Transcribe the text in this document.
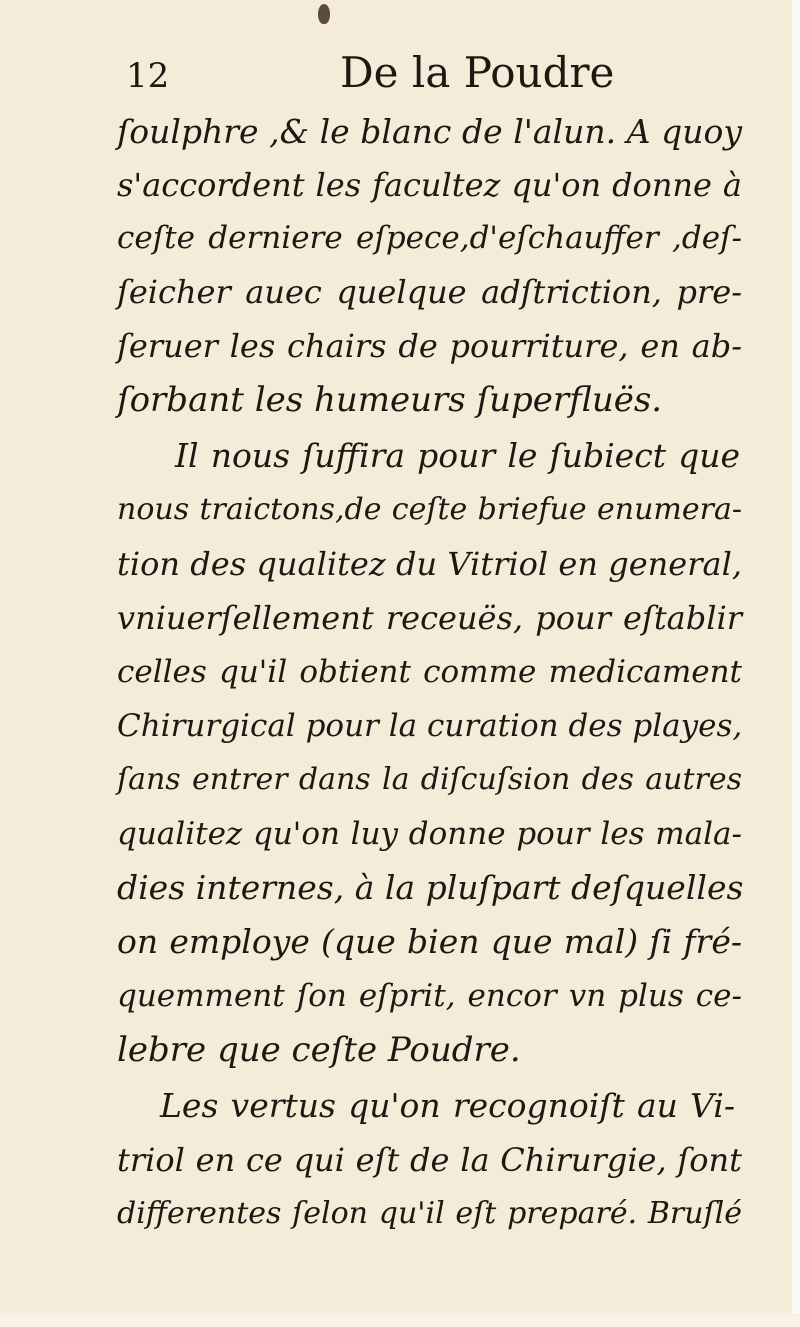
12	De la Poudre
ſoulphre ,& le blanc de l'alun. A quoy
s'accordent les facultez qu'on donne à
ceſte derniere eſpece,d'eſchauffer ,deſ-
ſeicher auec quelque adſtriction, pre-
ſeruer les chairs de pourriture, en ab-
ſorbant les humeurs ſuperfluës.
Il nous ſuffira pour le ſubiect que
nous traictons,de ceſte briefue enumera-
tion des qualitez du Vitriol en general,
vniuerſellement receuës, pour eſtablir
celles qu'il obtient comme medicament
Chirurgical pour la curation des playes,
ſans entrer dans la diſcuſsion des autres
qualitez qu'on luy donne pour les mala-
dies internes, à la pluſpart deſquelles
on employe (que bien que mal) ſi fré-
quemment ſon eſprit, encor vn plus ce-
lebre que ceſte Poudre.
Les vertus qu'on recognoiſt au Vi-
triol en ce qui eſt de la Chirurgie, ſont
differentes ſelon qu'il eſt preparé. Bruſlé
